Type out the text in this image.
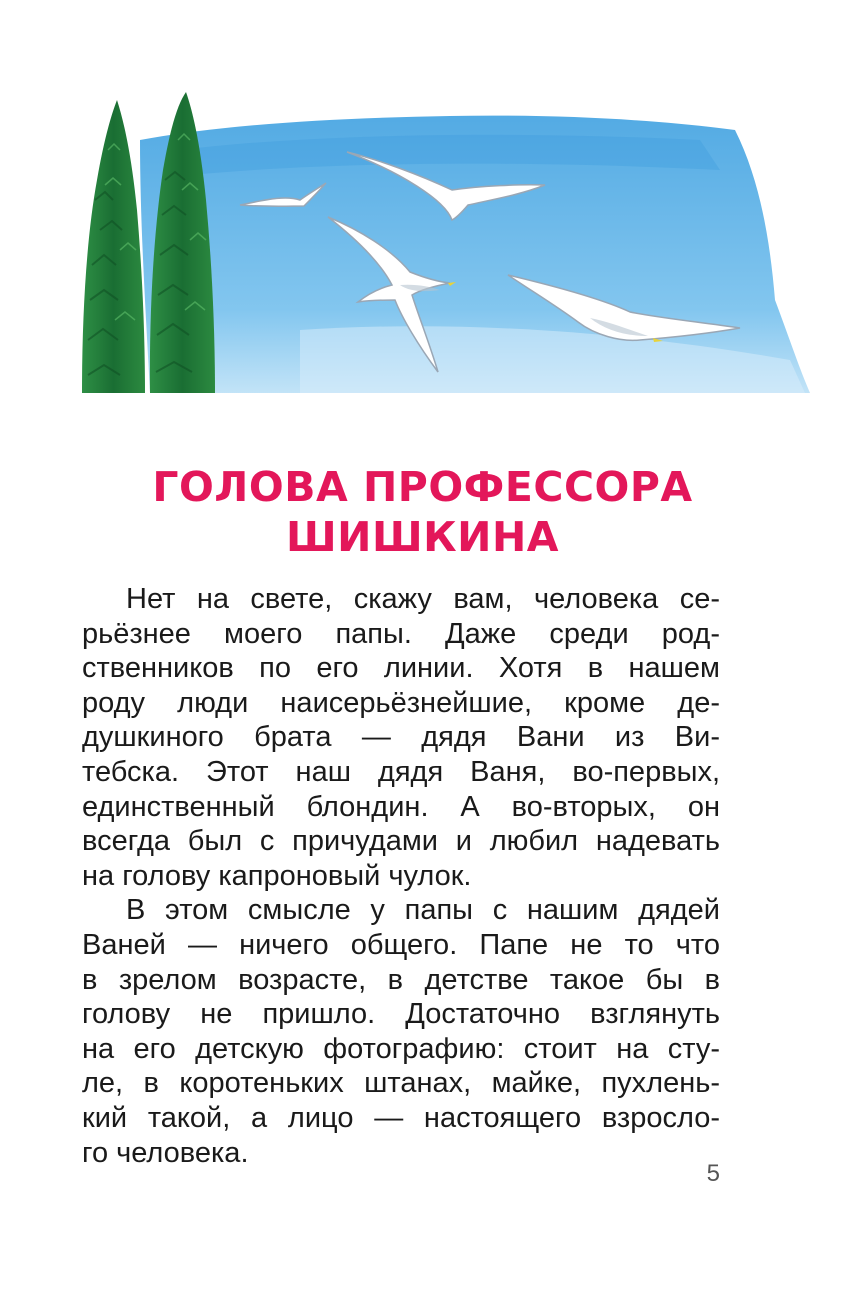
ГОЛОВА ПРОФЕССОРА
ШИШКИНА
Нет на свете, скажу вам, человека се-
рьёзнее моего папы. Даже среди род-
ственников по его линии. Хотя в нашем
роду люди наисерьёзнейшие, кроме де-
душкиного брата — дядя Вани из Ви-
тебска. Этот наш дядя Ваня, во-первых,
единственный блондин. А во-вторых, он
всегда был с причудами и любил надевать
на голову капроновый чулок.
В этом смысле у папы с нашим дядей
Ваней — ничего общего. Папе не то что
в зрелом возрасте, в детстве такое бы в
голову не пришло. Достаточно взглянуть
на его детскую фотографию: стоит на сту-
ле, в коротеньких штанах, майке, пухлень-
кий такой, а лицо — настоящего взросло-
го человека.
5
